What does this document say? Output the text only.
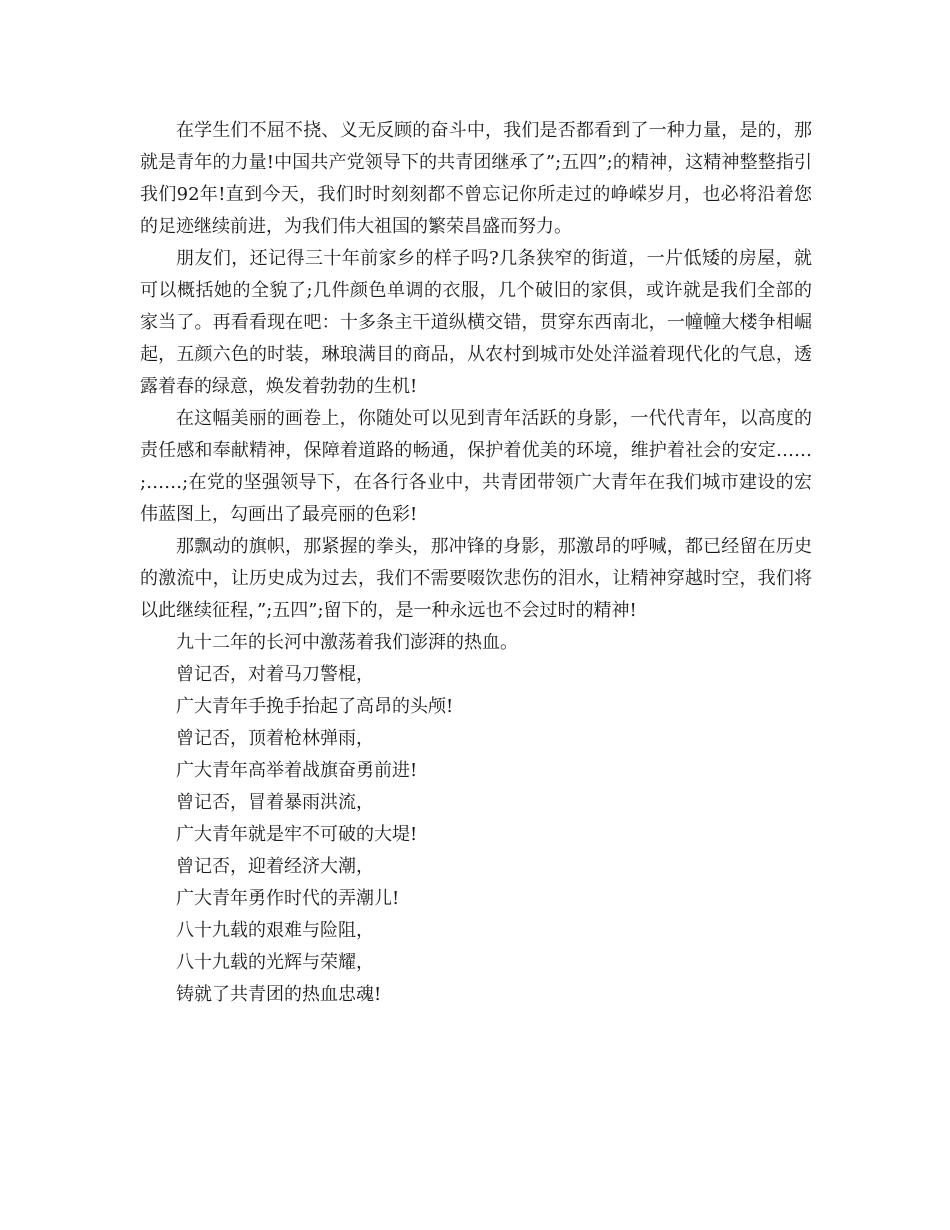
在学生们不屈不挠、义无反顾的奋斗中，我们是否都看到了一种力量，是的，那就是青年的力量!中国共产党领导下的共青团继承了”;五四”;的精神，这精神整整指引我们92年!直到今天，我们时时刻刻都不曾忘记你所走过的峥嵘岁月，也必将沿着您的足迹继续前进，为我们伟大祖国的繁荣昌盛而努力。

朋友们，还记得三十年前家乡的样子吗?几条狭窄的街道，一片低矮的房屋，就可以概括她的全貌了;几件颜色单调的衣服，几个破旧的家俱，或许就是我们全部的家当了。再看看现在吧：十多条主干道纵横交错，贯穿东西南北，一幢幢大楼争相崛起，五颜六色的时装，琳琅满目的商品，从农村到城市处处洋溢着现代化的气息，透露着春的绿意，焕发着勃勃的生机!

在这幅美丽的画卷上，你随处可以见到青年活跃的身影，一代代青年，以高度的责任感和奉献精神，保障着道路的畅通，保护着优美的环境，维护着社会的安定……;……;在党的坚强领导下，在各行各业中，共青团带领广大青年在我们城市建设的宏伟蓝图上，勾画出了最亮丽的色彩!

那飘动的旗帜，那紧握的拳头，那冲锋的身影，那激昂的呼喊，都已经留在历史的激流中，让历史成为过去，我们不需要啜饮悲伤的泪水，让精神穿越时空，我们将以此继续征程，”;五四”;留下的，是一种永远也不会过时的精神!

九十二年的长河中激荡着我们澎湃的热血。

曾记否，对着马刀警棍，

广大青年手挽手抬起了高昂的头颅!

曾记否，顶着枪林弹雨，

广大青年高举着战旗奋勇前进!

曾记否，冒着暴雨洪流，

广大青年就是牢不可破的大堤!

曾记否，迎着经济大潮，

广大青年勇作时代的弄潮儿!

八十九载的艰难与险阻，

八十九载的光辉与荣耀，

铸就了共青团的热血忠魂!
